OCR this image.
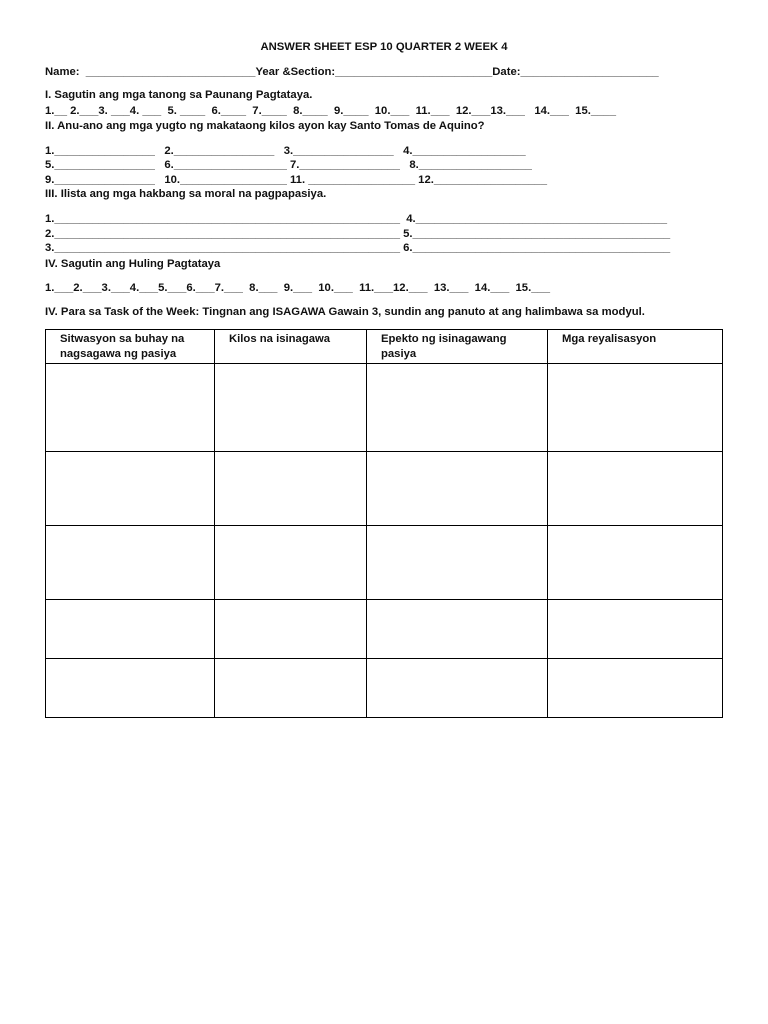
ANSWER SHEET ESP 10 QUARTER 2 WEEK 4

Name:  ___________________________Year &Section:_________________________Date:______________________

I. Sagutin ang mga tanong sa Paunang Pagtataya.

1.__ 2.___3. ___4. ___  5. ____  6.____  7.____  8.____  9.____  10.___  11.___  12.___13.___   14.___  15.____

II. Anu-ano ang mga yugto ng makataong kilos ayon kay Santo Tomas de Aquino?

1.________________   2.________________   3.________________   4.__________________

5.________________   6.__________________ 7.________________   8.__________________

9.________________   10._________________ 11. _________________ 12.__________________

III. Ilista ang mga hakbang sa moral na pagpapasiya.

1._______________________________________________________  4.________________________________________

2._______________________________________________________ 5._________________________________________

3._______________________________________________________ 6._________________________________________

IV. Sagutin ang Huling Pagtataya

1.___2.___3.___4.___5.___6.___7.___  8.___  9.___  10.___  11.___12.___  13.___  14.___  15.___

IV. Para sa Task of the Week: Tingnan ang ISAGAWA Gawain 3, sundin ang panuto at ang halimbawa sa modyul.

Sitwasyon sa buhay na nagsagawa ng pasiya	Kilos na isinagawa	Epekto ng isinagawang pasiya	Mga reyalisasyon
